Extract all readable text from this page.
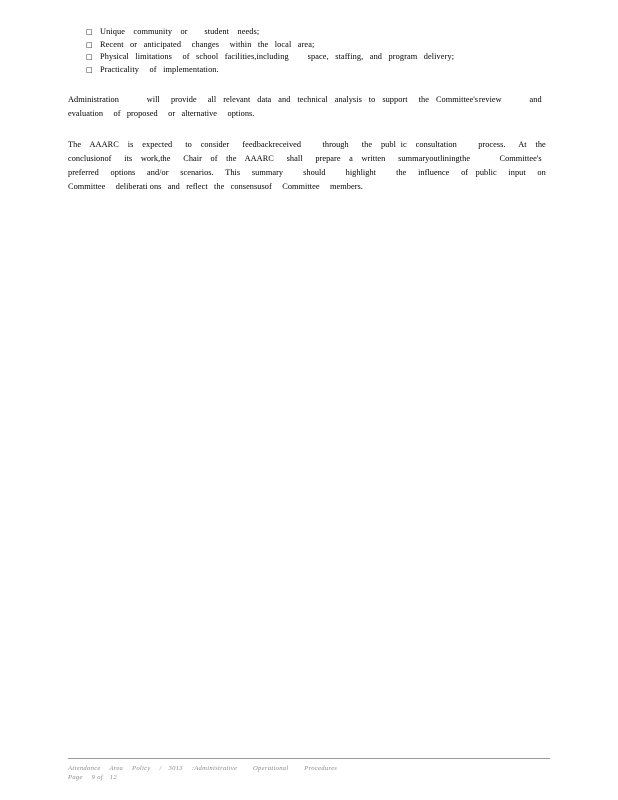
□ Unique community or  student needs;
□ Recent  or  anticipated  changes  within  the  local  area;
□ Physical  limitations  of  school  facilities,including   space,  staffing,  and  program  delivery;
□ Practicality  of  implementation.

Administration    will  provide  all  relevant  data  and  technical  analysis  to  support  the  Committee's review    and  evaluation  of  proposed  or  alternative  options.

The  AAARC  is  expected  to  consider  feedbackreceived   through  the  publ ic  consultation   process.  At  the  conclusionof  its  work,the  Chair  of  the  AAARC  shall  prepare  a  written  summaryoutliningthe    Committee's  preferred  options  and/or  scenarios.  This  summary   should   highlight   the  influence  of  public  input  on  Committee  deliberati ons  and  reflect  the  consensusof  Committee  members.

Attendance  Area  Policy  / 3013  :Administrative   Operational   Procedures
Page  9 of 12
